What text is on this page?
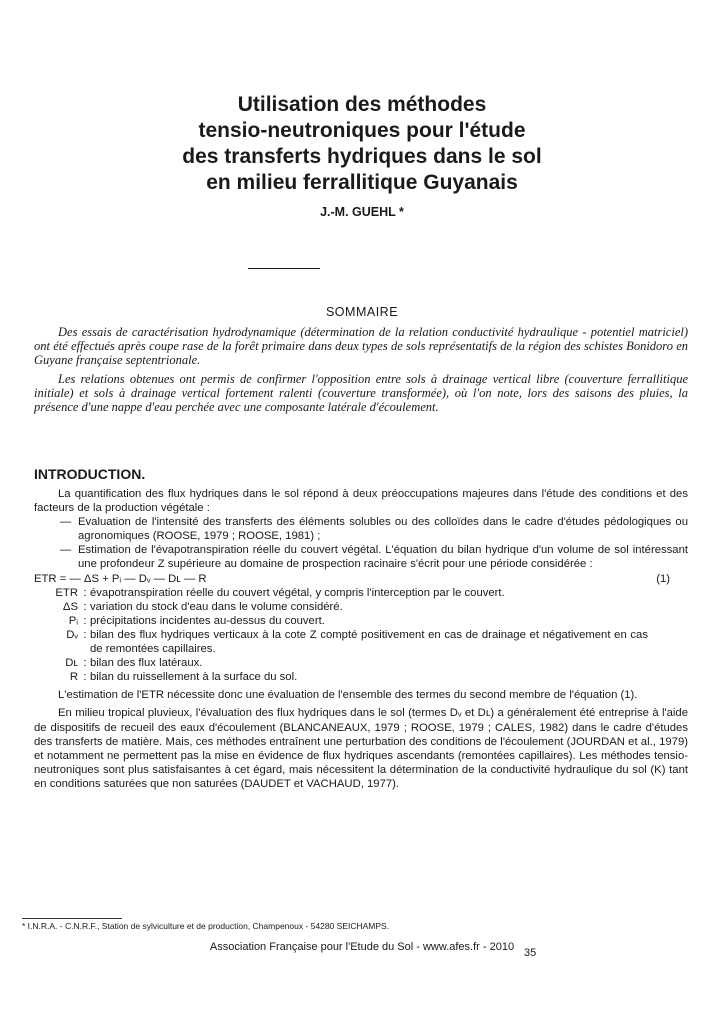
Utilisation des méthodes
tensio-neutroniques pour l'étude
des transferts hydriques dans le sol
en milieu ferrallitique Guyanais
J.-M. GUEHL *
SOMMAIRE

Des essais de caractérisation hydrodynamique (détermination de la relation conductivité hydraulique - potentiel matriciel) ont été effectués après coupe rase de la forêt primaire dans deux types de sols représentatifs de la région des schistes Bonidoro en Guyane française septentrionale.

Les relations obtenues ont permis de confirmer l'opposition entre sols à drainage vertical libre (couverture ferrallitique initiale) et sols à drainage vertical fortement ralenti (couverture transformée), où l'on note, lors des saisons des pluies, la présence d'une nappe d'eau perchée avec une composante latérale d'écoulement.

INTRODUCTION.

La quantification des flux hydriques dans le sol répond à deux préoccupations majeures dans l'étude des conditions et des facteurs de la production végétale :

— Evaluation de l'intensité des transferts des éléments solubles ou des colloïdes dans le cadre d'études pédologiques ou agronomiques (ROOSE, 1979 ; ROOSE, 1981) ;

— Estimation de l'évapotranspiration réelle du couvert végétal. L'équation du bilan hydrique d'un volume de sol intéressant une profondeur Z supérieure au domaine de prospection racinaire s'écrit pour une période considérée :

ETR = — ΔS + Pᵢ — Dᵥ — Dʟ — R	(1)

ETR : évapotranspiration réelle du couvert végétal, y compris l'interception par le couvert.
ΔS : variation du stock d'eau dans le volume considéré.
Pᵢ : précipitations incidentes au-dessus du couvert.
Dᵥ : bilan des flux hydriques verticaux à la cote Z compté positivement en cas de drainage et négativement en cas de remontées capillaires.
Dʟ : bilan des flux latéraux.
R : bilan du ruissellement à la surface du sol.

L'estimation de l'ETR nécessite donc une évaluation de l'ensemble des termes du second membre de l'équation (1).

En milieu tropical pluvieux, l'évaluation des flux hydriques dans le sol (termes Dᵥ et Dʟ) a généralement été entreprise à l'aide de dispositifs de recueil des eaux d'écoulement (BLANCANEAUX, 1979 ; ROOSE, 1979 ; CALES, 1982) dans le cadre d'études des transferts de matière. Mais, ces méthodes entraînent une perturbation des conditions de l'écoulement (JOURDAN et al., 1979) et notamment ne permettent pas la mise en évidence de flux hydriques ascendants (remontées capillaires). Les méthodes tensio-neutroniques sont plus satisfaisantes à cet égard, mais nécessitent la détermination de la conductivité hydraulique du sol (K) tant en conditions saturées que non saturées (DAUDET et VACHAUD, 1977).

* I.N.R.A. - C.N.R.F., Station de sylviculture et de production, Champenoux - 54280 SEICHAMPS.
Association Française pour l'Etude du Sol - www.afes.fr - 2010 35
